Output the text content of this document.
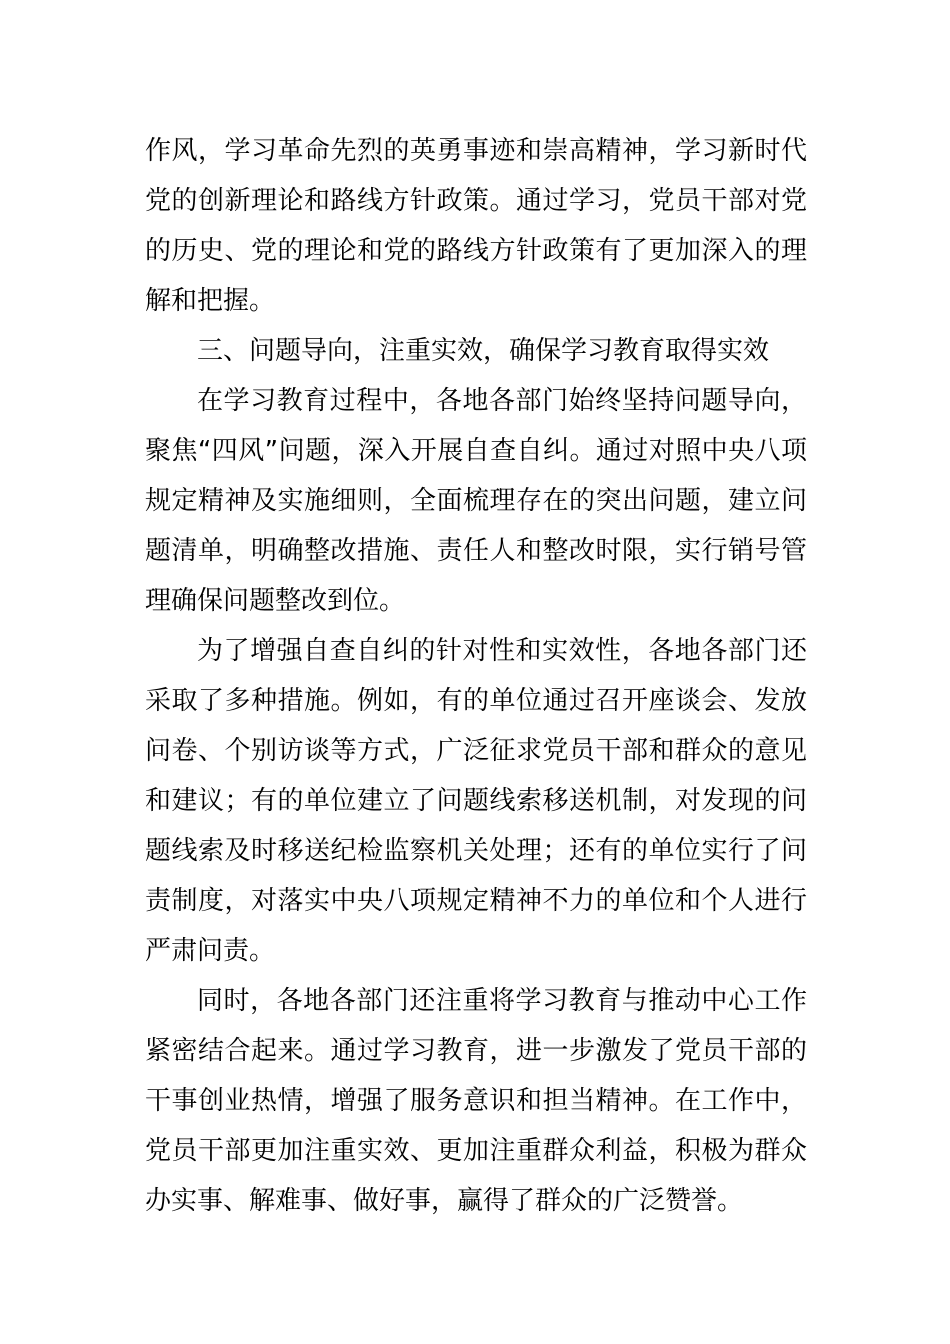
作风，学习革命先烈的英勇事迹和崇高精神，学习新时代党的创新理论和路线方针政策。通过学习，党员干部对党的历史、党的理论和党的路线方针政策有了更加深入的理解和把握。

三、问题导向，注重实效，确保学习教育取得实效

在学习教育过程中，各地各部门始终坚持问题导向，聚焦“四风”问题，深入开展自查自纠。通过对照中央八项规定精神及实施细则，全面梳理存在的突出问题，建立问题清单，明确整改措施、责任人和整改时限，实行销号管理确保问题整改到位。

为了增强自查自纠的针对性和实效性，各地各部门还采取了多种措施。例如，有的单位通过召开座谈会、发放问卷、个别访谈等方式，广泛征求党员干部和群众的意见和建议；有的单位建立了问题线索移送机制，对发现的问题线索及时移送纪检监察机关处理；还有的单位实行了问责制度，对落实中央八项规定精神不力的单位和个人进行严肃问责。

同时，各地各部门还注重将学习教育与推动中心工作紧密结合起来。通过学习教育，进一步激发了党员干部的干事创业热情，增强了服务意识和担当精神。在工作中，党员干部更加注重实效、更加注重群众利益，积极为群众办实事、解难事、做好事，赢得了群众的广泛赞誉。
